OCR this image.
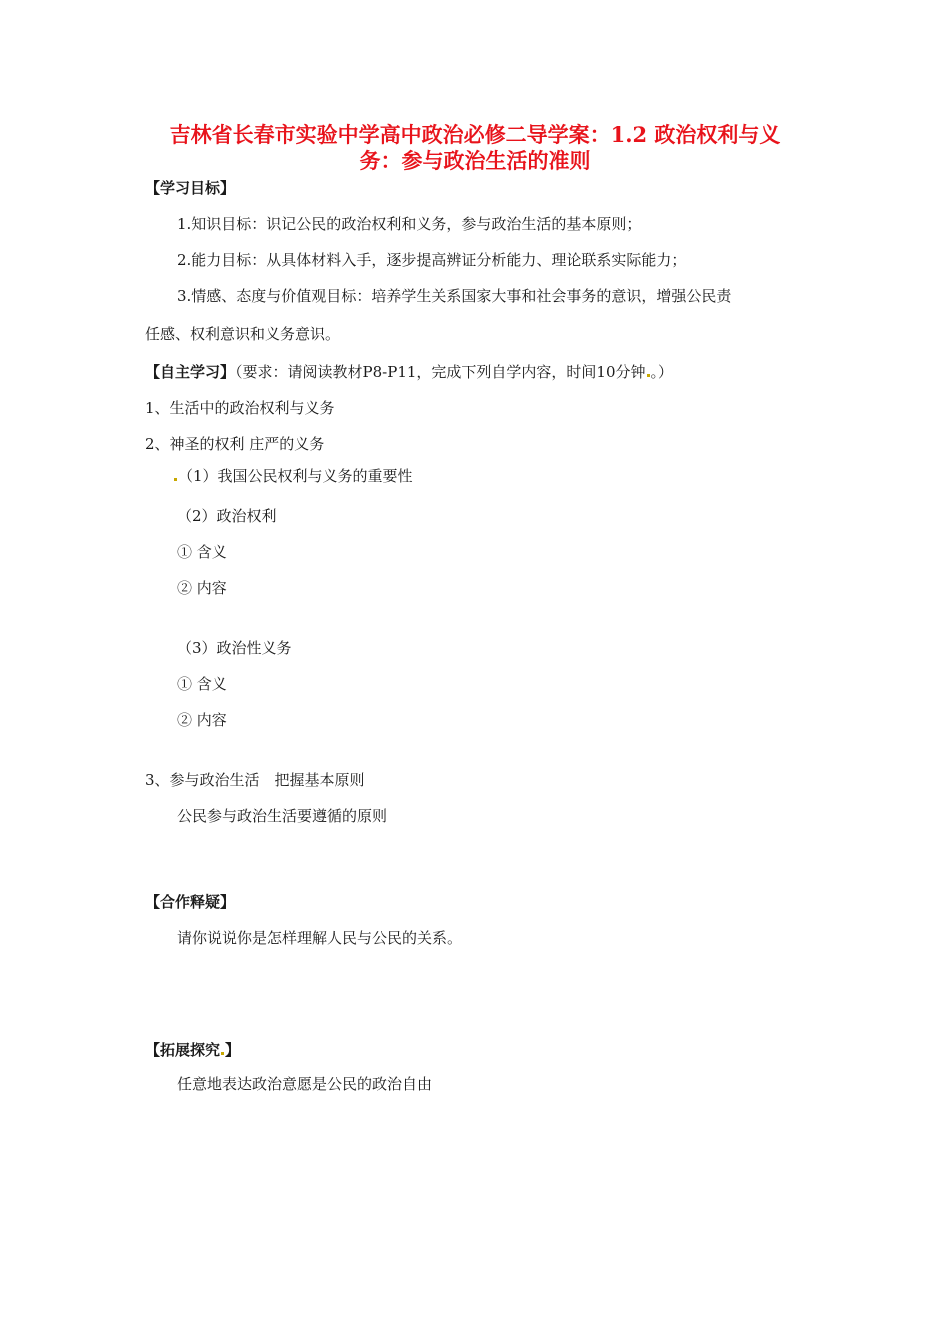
吉林省长春市实验中学高中政治必修二导学案：1.2 政治权利与义
务：参与政治生活的准则
【学习目标】
1.知识目标：识记公民的政治权利和义务，参与政治生活的基本原则；
2.能力目标：从具体材料入手，逐步提高辨证分析能力、理论联系实际能力；
3.情感、态度与价值观目标：培养学生关系国家大事和社会事务的意识，增强公民责
任感、权利意识和义务意识。
【自主学习】（要求：请阅读教材P8-P11，完成下列自学内容，时间10分钟 。）
1、生活中的政治权利与义务
2、神圣的权利 庄严的义务
（1）我国公民权利与义务的重要性
（2）政治权利
① 含义
② 内容
（3）政治性义务
① 含义
② 内容
3、参与政治生活　把握基本原则
公民参与政治生活要遵循的原则
【合作释疑】
请你说说你是怎样理解人民与公民的关系。
【拓展探究 】
任意地表达政治意愿是公民的政治自由
